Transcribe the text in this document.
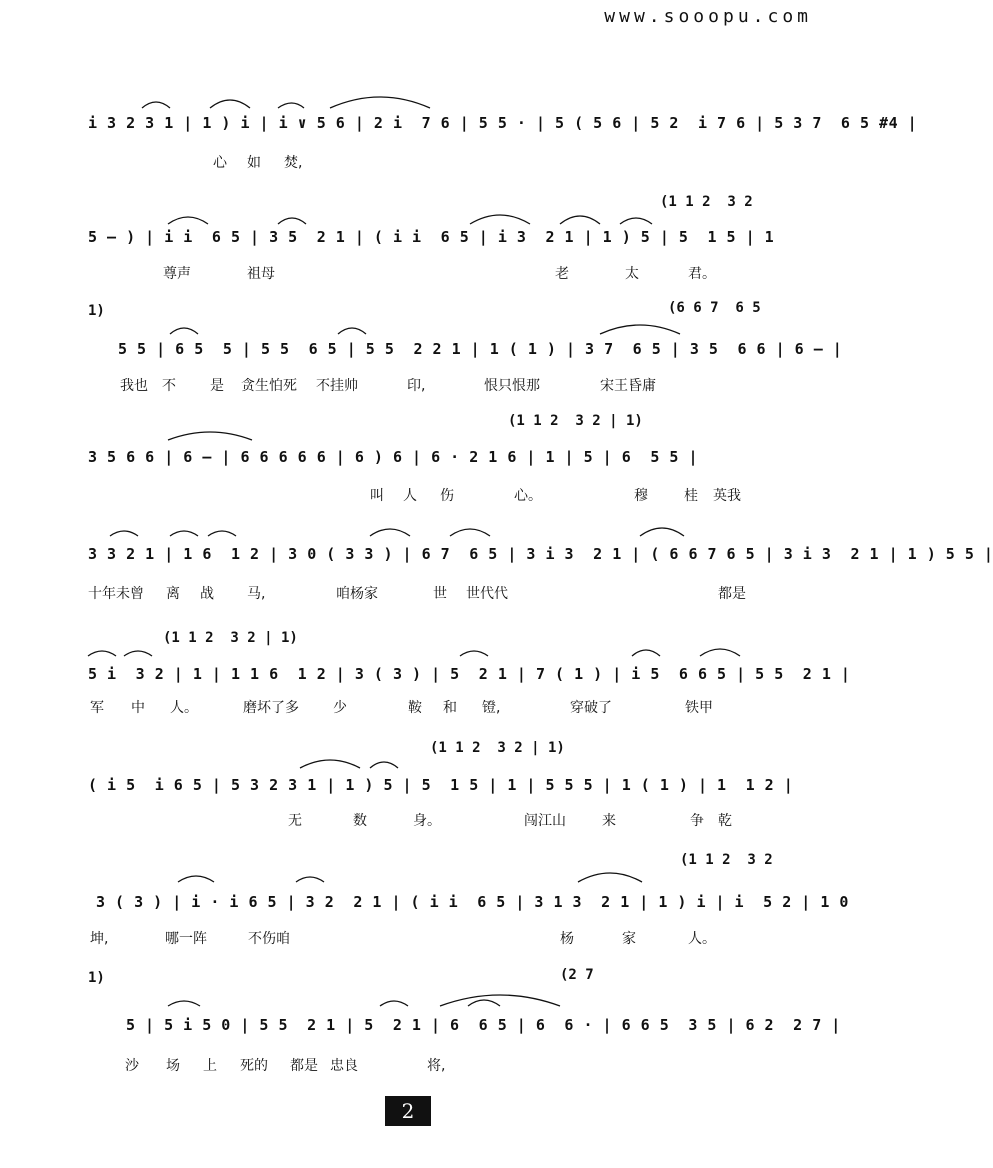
www.sooopu.com
i 3 2 3 1 | 1 ) i | i ∨ 5 6 | 2 i  7 6 | 5 5 · | 5 ( 5 6 | 5 2  i 7 6 | 5 3 7  6 5 #4 |
心 如 焚,
(1 1 2  3 2
5 – ) | i i  6 5 | 3 5  2 1 | ( i i  6 5 | i 3  2 1 | 1 ) 5 | 5  1 5 | 1
尊声	祖母	老	太	君。
1)	(6 6 7  6 5
5 5 | 6 5  5 | 5 5  6 5 | 5 5  2 2 1 | 1 ( 1 ) | 3 7  6 5 | 3 5  6 6 | 6 – |
我也 不 是 贪生怕死 不挂帅	印,	恨只恨那	宋王昏庸
(1 1 2  3 2 | 1)
3 5 6 6 | 6 – | 6 6 6 6 6 | 6 ) 6 | 6 · 2 1 6 | 1 | 5 | 6  5 5 |
叫 人 伤	心。	穆	桂 英我
3 3 2 1 | 1 6  1 2 | 3 0 ( 3 3 ) | 6 7  6 5 | 3 i 3  2 1 | ( 6 6 7 6 5 | 3 i 3  2 1 | 1 ) 5 5 |
十年未曾 离 战 马,	咱杨家	世 世代代	都是
(1 1 2  3 2 | 1)
5 i  3 2 | 1 | 1 1 6  1 2 | 3 ( 3 ) | 5  2 1 | 7 ( 1 ) | i 5  6 6 5 | 5 5  2 1 |
军 中 人。	磨坏了多 少	鞍 和 镫,	穿破了	铁甲
(1 1 2  3 2 | 1)
( i 5  i 6 5 | 5 3 2 3 1 | 1 ) 5 | 5  1 5 | 1 | 5 5 5 | 1 ( 1 ) | 1  1 2 |
无	数	身。	闯江山	来	争 乾
(1 1 2  3 2
3 ( 3 ) | i · i 6 5 | 3 2  2 1 | ( i i  6 5 | 3 1 3  2 1 | 1 ) i | i  5 2 | 1 0
坤,	哪一阵	不伤咱	杨	家	人。
1)	(2 7
5 | 5 i 5 0 | 5 5  2 1 | 5  2 1 | 6  6 5 | 6  6 · | 6 6 5  3 5 | 6 2  2 7 |
沙 场 上 死的 都是 忠良	将,
2
